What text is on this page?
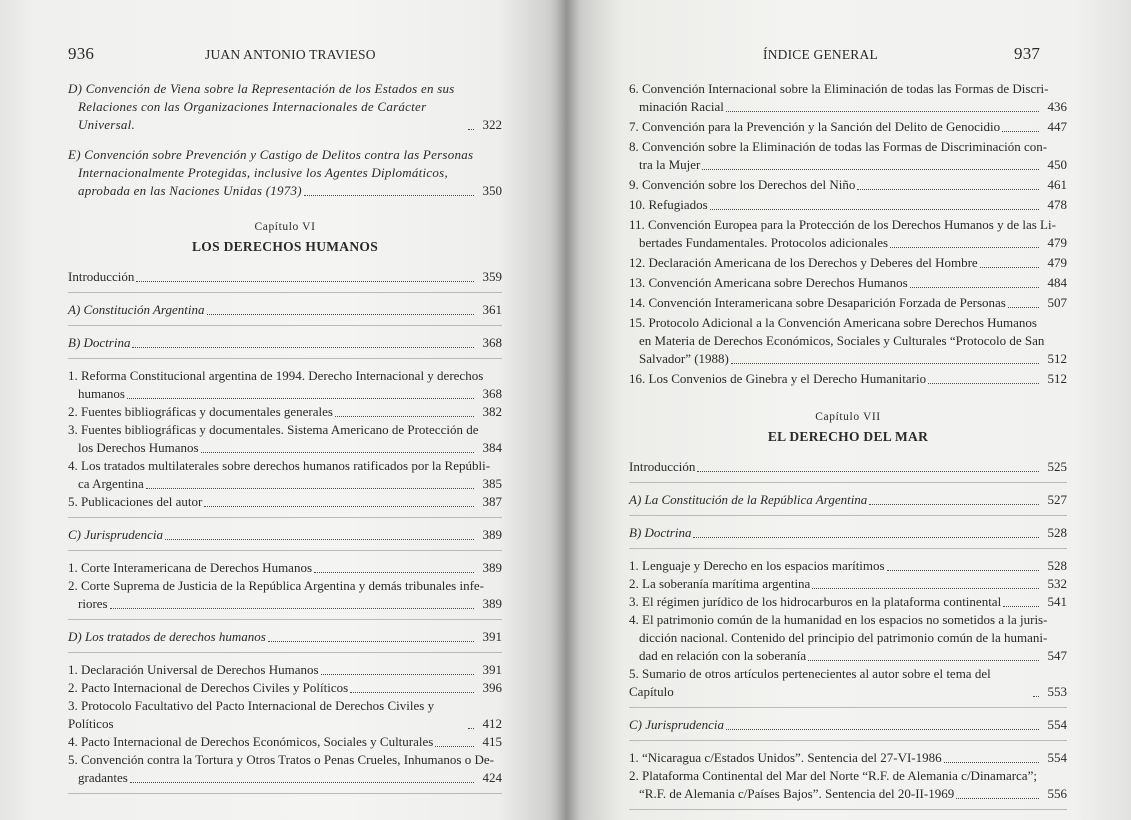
936	JUAN ANTONIO TRAVIESO
D) Convención de Viena sobre la Representación de los Estados en sus
Relaciones con las Organizaciones Internacionales de Carácter Universal.	322
E) Convención sobre Prevención y Castigo de Delitos contra las Personas
Internacionalmente Protegidas, inclusive los Agentes Diplomáticos,
aprobada en las Naciones Unidas (1973)	350
Capítulo VI
LOS DERECHOS HUMANOS
Introducción	359
A) Constitución Argentina	361
B) Doctrina	368
1. Reforma Constitucional argentina de 1994. Derecho Internacional y derechos
humanos	368
2. Fuentes bibliográficas y documentales generales	382
3. Fuentes bibliográficas y documentales. Sistema Americano de Protección de
los Derechos Humanos	384
4. Los tratados multilaterales sobre derechos humanos ratificados por la Repúbli-
ca Argentina	385
5. Publicaciones del autor	387
C) Jurisprudencia	389
1. Corte Interamericana de Derechos Humanos	389
2. Corte Suprema de Justicia de la República Argentina y demás tribunales infe-
riores	389
D) Los tratados de derechos humanos	391
1. Declaración Universal de Derechos Humanos	391
2. Pacto Internacional de Derechos Civiles y Políticos	396
3. Protocolo Facultativo del Pacto Internacional de Derechos Civiles y Políticos	412
4. Pacto Internacional de Derechos Económicos, Sociales y Culturales	415
5. Convención contra la Tortura y Otros Tratos o Penas Crueles, Inhumanos o De-
gradantes	424
ÍNDICE GENERAL	937
6. Convención Internacional sobre la Eliminación de todas las Formas de Discri-
minación Racial	436
7. Convención para la Prevención y la Sanción del Delito de Genocidio	447
8. Convención sobre la Eliminación de todas las Formas de Discriminación con-
tra la Mujer	450
9. Convención sobre los Derechos del Niño	461
10. Refugiados	478
11. Convención Europea para la Protección de los Derechos Humanos y de las Li-
bertades Fundamentales. Protocolos adicionales	479
12. Declaración Americana de los Derechos y Deberes del Hombre	479
13. Convención Americana sobre Derechos Humanos	484
14. Convención Interamericana sobre Desaparición Forzada de Personas	507
15. Protocolo Adicional a la Convención Americana sobre Derechos Humanos
en Materia de Derechos Económicos, Sociales y Culturales “Protocolo de San
Salvador” (1988)	512
16. Los Convenios de Ginebra y el Derecho Humanitario	512
Capítulo VII
EL DERECHO DEL MAR
Introducción	525
A) La Constitución de la República Argentina	527
B) Doctrina	528
1. Lenguaje y Derecho en los espacios marítimos	528
2. La soberanía marítima argentina	532
3. El régimen jurídico de los hidrocarburos en la plataforma continental	541
4. El patrimonio común de la humanidad en los espacios no sometidos a la juris-
dicción nacional. Contenido del principio del patrimonio común de la humani-
dad en relación con la soberanía	547
5. Sumario de otros artículos pertenecientes al autor sobre el tema del Capítulo	553
C) Jurisprudencia	554
1. “Nicaragua c/Estados Unidos”. Sentencia del 27-VI-1986	554
2. Plataforma Continental del Mar del Norte “R.F. de Alemania c/Dinamarca”;
“R.F. de Alemania c/Países Bajos”. Sentencia del 20-II-1969	556
